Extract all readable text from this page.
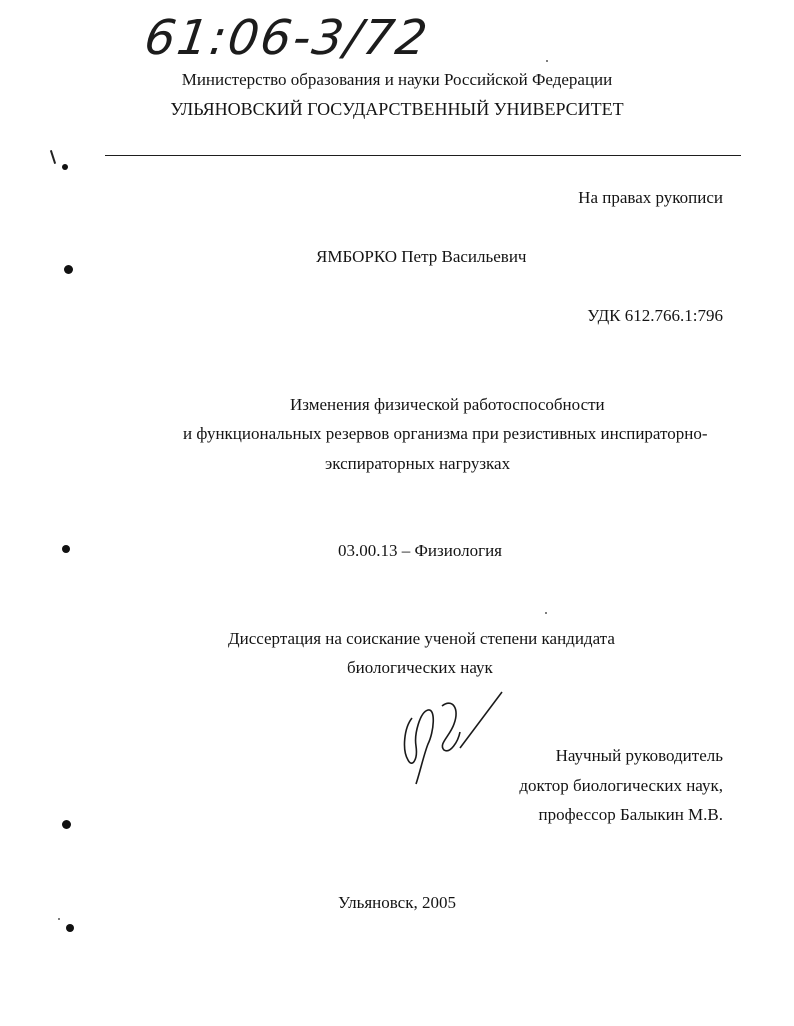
61:06-3/72
Министерство образования и науки Российской Федерации
УЛЬЯНОВСКИЙ ГОСУДАРСТВЕННЫЙ УНИВЕРСИТЕТ
На правах рукописи
ЯМБОРКО Петр Васильевич
УДК 612.766.1:796
Изменения физической работоспособности
и функциональных резервов организма при резистивных инспираторно-
экспираторных нагрузках
03.00.13 – Физиология
Диссертация на соискание ученой степени кандидата
биологических наук
Научный руководитель
доктор биологических наук,
профессор Балыкин М.В.
Ульяновск, 2005
